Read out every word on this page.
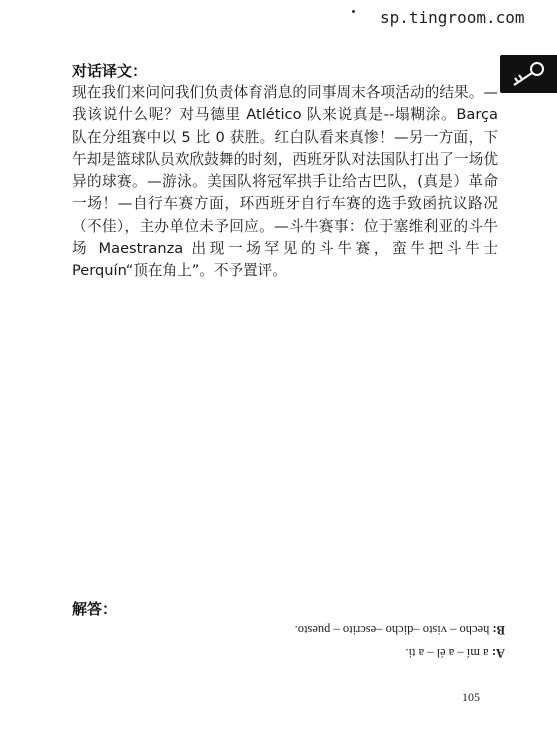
sp.tingroom.com
对话译文：

现在我们来问问我们负责体育消息的同事周末各项活动的结果。—我该说什么呢？对马德里 Atlético 队来说真是--塌糊涂。Barça 队在分组赛中以 5 比 0 获胜。红白队看来真惨！—另一方面，下午却是篮球队员欢欣鼓舞的时刻，西班牙队对法国队打出了一场优异的球赛。—游泳。美国队将冠军拱手让给古巴队，(真是）革命一场！—自行车赛方面，环西班牙自行车赛的选手致函抗议路况（不佳），主办单位未予回应。—斗牛赛事：位于塞维利亚的斗牛场 Maestranza 出现一场罕见的斗牛赛，蛮牛把斗牛士 Perquín“顶在角上”。不予置评。

解答：
B: hecho – visto –dicho –escrito – puesto.
A: a mí – a él – a ti.
105
